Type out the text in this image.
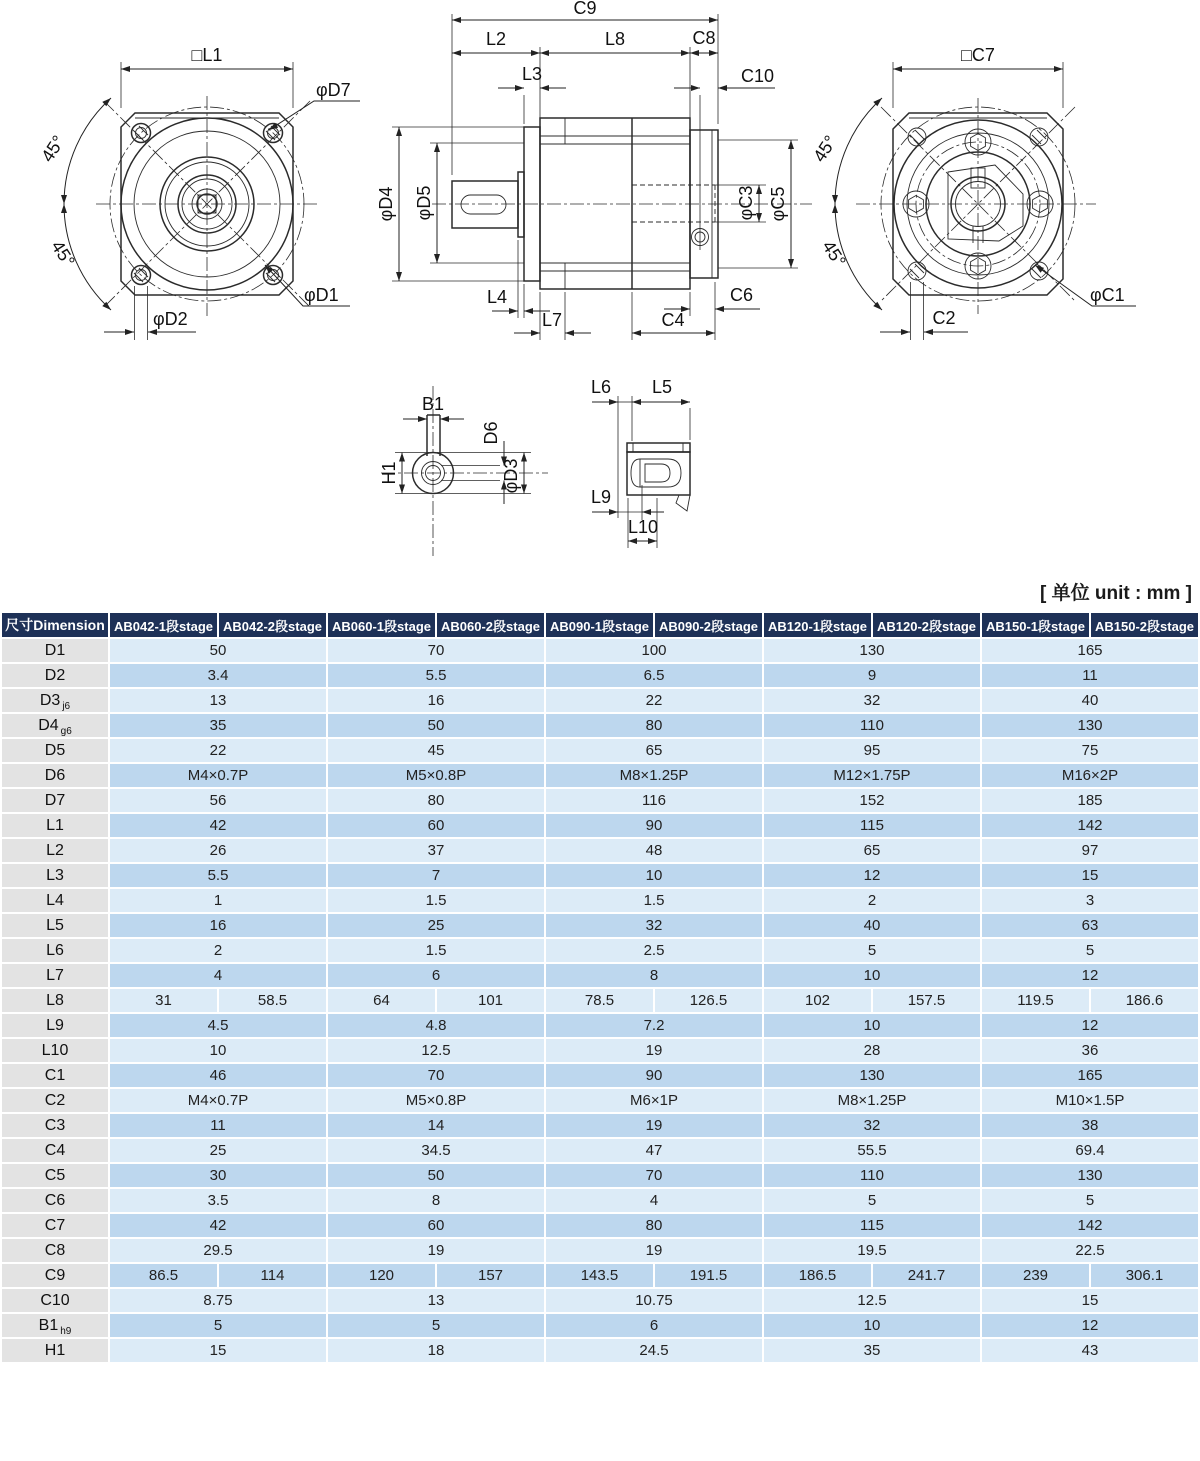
□L1
φD7
45°
45°
φD1
φD2
C9
L2	L8	C8
L3	C10
φD4 φD5	φC3 φC5
L4	C6
L7	C4
□C7
45°
45°
φC1
C2
B1
H1
D6
φD3
L6 L5
L9
L10
[ 单位 unit : mm ]
尺寸Dimension	AB042-1段stage	AB042-2段stage	AB060-1段stage	AB060-2段stage	AB090-1段stage	AB090-2段stage	AB120-1段stage	AB120-2段stage	AB150-1段stage	AB150-2段stage
D1	50		70		100		130		165	
D2	3.4		5.5		6.5		9		11	
D3 $_{j6}$	13		16		22		32		40	
D4 $_{g6}$	35		50		80		110		130	
D5	22		45		65		95		75	
D6	M4×0.7P		M5×0.8P		M8×1.25P		M12×1.75P		M16×2P	
D7	56		80		116		152		185	
L1	42		60		90		115		142	
L2	26		37		48		65		97	
L3	5.5		7		10		12		15	
L4	1		1.5		1.5		2		3	
L5	16		25		32		40		63	
L6	2		1.5		2.5		5		5	
L7	4		6		8		10		12	
L8	31	58.5	64	101	78.5	126.5	102	157.5	119.5	186.6
L9	4.5		4.8		7.2		10		12	
L10	10		12.5		19		28		36	
C1	46		70		90		130		165	
C2	M4×0.7P		M5×0.8P		M6×1P		M8×1.25P		M10×1.5P	
C3	11		14		19		32		38	
C4	25		34.5		47		55.5		69.4	
C5	30		50		70		110		130	
C6	3.5		8		4		5		5	
C7	42		60		80		115		142	
C8	29.5		19		19		19.5		22.5	
C9	86.5	114	120	157	143.5	191.5	186.5	241.7	239	306.1
C10	8.75		13		10.75		12.5		15	
B1 $_{h9}$	5		5		6		10		12	
H1	15		18		24.5		35		43	
